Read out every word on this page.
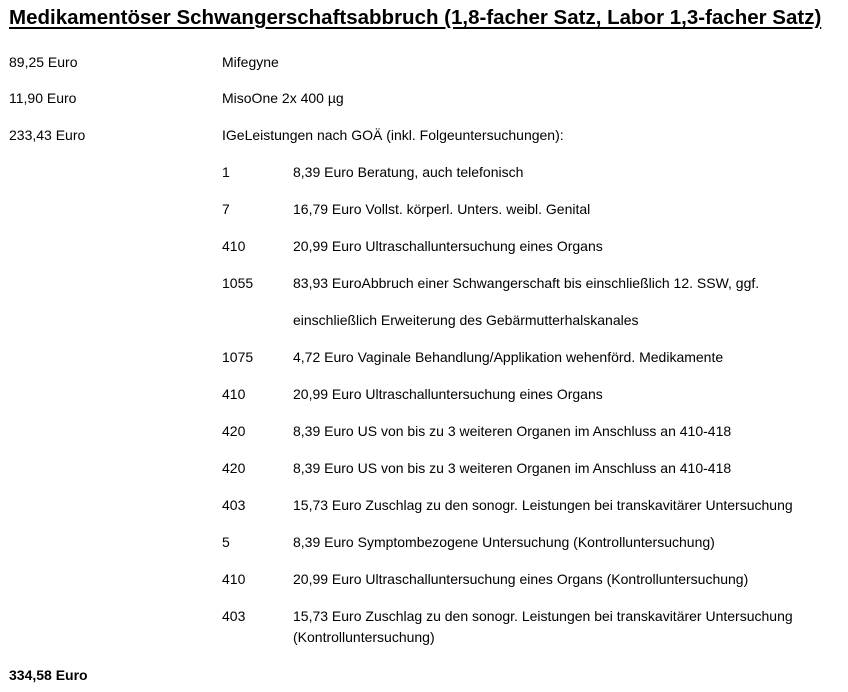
Medikamentöser Schwangerschaftsabbruch (1,8-facher Satz, Labor 1,3-facher Satz)
89,25 Euro	Mifegyne
11,90 Euro	MisoOne 2x 400 µg
233,43 Euro	IGeLeistungen nach GOÄ (inkl. Folgeuntersuchungen):
1	8,39 Euro Beratung, auch telefonisch
7	16,79 Euro Vollst. körperl. Unters. weibl. Genital
410	20,99 Euro Ultraschalluntersuchung eines Organs
1055	83,93 EuroAbbruch einer Schwangerschaft bis einschließlich 12. SSW, ggf.
einschließlich Erweiterung des Gebärmutterhalskanales
1075	4,72 Euro Vaginale Behandlung/Applikation wehenförd. Medikamente
410	20,99 Euro Ultraschalluntersuchung eines Organs
420	8,39 Euro US von bis zu 3 weiteren Organen im Anschluss an 410-418
420	8,39 Euro US von bis zu 3 weiteren Organen im Anschluss an 410-418
403	15,73 Euro Zuschlag zu den sonogr. Leistungen bei transkavitärer Untersuchung
5	8,39 Euro Symptombezogene Untersuchung (Kontrolluntersuchung)
410	20,99 Euro Ultraschalluntersuchung eines Organs (Kontrolluntersuchung)
403	15,73 Euro Zuschlag zu den sonogr. Leistungen bei transkavitärer Untersuchung
(Kontrolluntersuchung)
334,58 Euro
